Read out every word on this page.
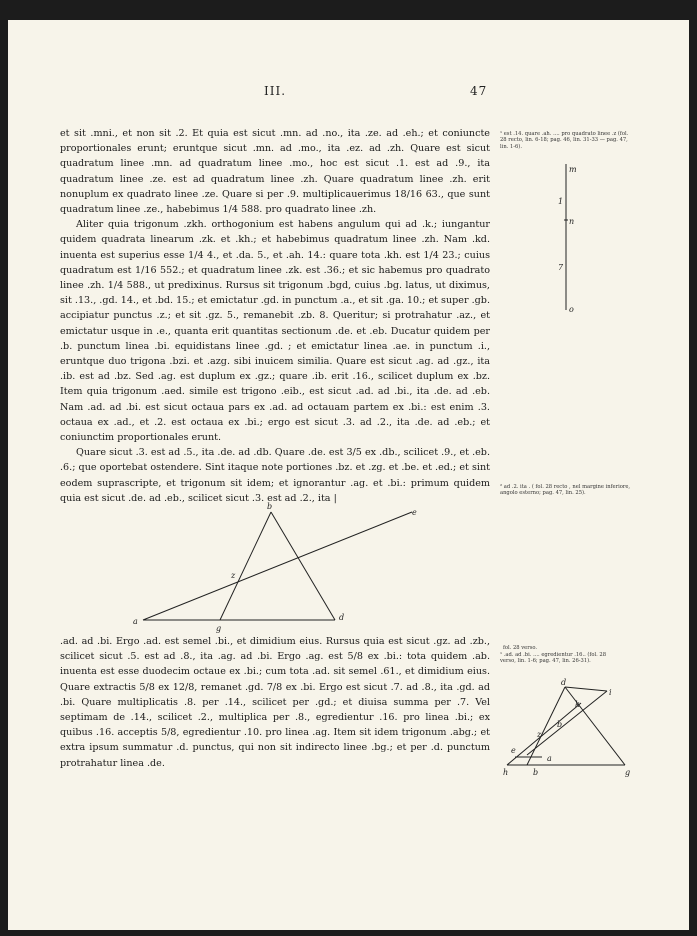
III.	47

et sit .mni., et non sit .2. Et quia est sicut .mn. ad .no., ita .ze. ad .eh.; et coniuncte proportionales erunt; eruntque sicut .mn. ad .mo., ita .ez. ad .zh. Quare est sicut quadratum linee .mn. ad quadratum linee .mo., hoc est sicut .1. est ad .9., ita quadratum linee .ze. est ad quadratum linee .zh. Quare quadratum linee .zh. erit nonuplum ex quadrato linee .ze. Quare si per .9. multiplicauerimus 18/16 63., que sunt quadratum linee .ze., habebimus 1/4 588. pro quadrato linee .zh.

Aliter quia trigonum .zkh. orthogonium est habens angulum qui ad .k.; iungantur quidem quadrata linearum .zk. et .kh.; et habebimus quadratum linee .zh. Nam .kd. inuenta est superius esse 1/4 4., et .da. 5., et .ah. 14.: quare tota .kh. est 1/4 23.; cuius quadratum est 1/16 552.; et quadratum linee .zk. est .36.; et sic habemus pro quadrato linee .zh. 1/4 588., ut predixinus. Rursus sit trigonum .bgd, cuius .bg. latus, ut diximus, sit .13., .gd. 14., et .bd. 15.; et emictatur .gd. in punctum .a., et sit .ga. 10.; et super .gb. accipiatur punctus .z.; et sit .gz. 5., remanebit .zb. 8. Queritur; si protrahatur .az., et emictatur usque in .e., quanta erit quantitas sectionum .de. et .eb. Ducatur quidem per .b. punctum linea .bi. equidistans linee .gd. ; et emictatur linea .ae. in punctum .i., eruntque duo trigona .bzi. et .azg. sibi inuicem similia. Quare est sicut .ag. ad .gz., ita .ib. est ad .bz. Sed .ag. est duplum ex .gz.; quare .ib. erit .16., scilicet duplum ex .bz. Item quia trigonum .aed. simile est trigono .eib., est sicut .ad. ad .bi., ita .de. ad .eb. Nam .ad. ad .bi. est sicut octaua pars ex .ad. ad octauam partem ex .bi.: est enim .3. octaua ex .ad., et .2. est octaua ex .bi.; ergo est sicut .3. ad .2., ita .de. ad .eb.; et coniunctim proportionales erunt.

Quare sicut .3. est ad .5., ita .de. ad .db. Quare .de. est 3/5 ex .db., scilicet .9., et .eb. .6.; que oportebat ostendere. Sint itaque note portiones .bz. et .zg. et .be. et .ed.; et sint eodem suprascripte, et trigonum sit idem; et ignorantur .ag. et .bi.: primum quidem quia est sicut .de. ad .eb., scilicet sicut .3. est ad .2., ita |

.ad. ad .bi. Ergo .ad. est semel .bi., et dimidium eius. Rursus quia est sicut .gz. ad .zb., scilicet sicut .5. est ad .8., ita .ag. ad .bi. Ergo .ag. est 5/8 ex .bi.: tota quidem .ab. inuenta est esse duodecim octaue ex .bi.; cum tota .ad. sit semel .61., et dimidium eius. Quare extractis 5/8 ex 12/8, remanet .gd. 7/8 ex .bi. Ergo est sicut .7. ad .8., ita .gd. ad .bi. Quare multiplicatis .8. per .14., scilicet per .gd.; et diuisa summa per .7. Vel septimam de .14., scilicet .2., multiplica per .8., egredientur .16. pro linea .bi.; ex quibus .16. acceptis 5/8, egredientur .10. pro linea .ag. Item sit idem trigonum .abg.; et extra ipsum summatur .d. punctus, qui non sit indirecto linee .bg.; et per .d. punctum protrahatur linea .de.

¹ est .14. quare .ah. .... pro quadrato linee .z (fol. 28 recto, lin. 6-18; pag. 46, lin. 31-33 — pag. 47, lin. 1-6).
² ad .2. ita . ( fol. 28 recto , nel margine inferiore, angolo esterno; pag. 47, lin. 25).
fol. 28 verso.
¹ .ad. ad .bi. .... egredientur .16.. (fol. 28 verso, lin. 1-6; pag. 47, lin. 26-31).
m
1
n
7
o
b
z
e
a
g
d
d
i
k
e
z
b
g
h	b
a
